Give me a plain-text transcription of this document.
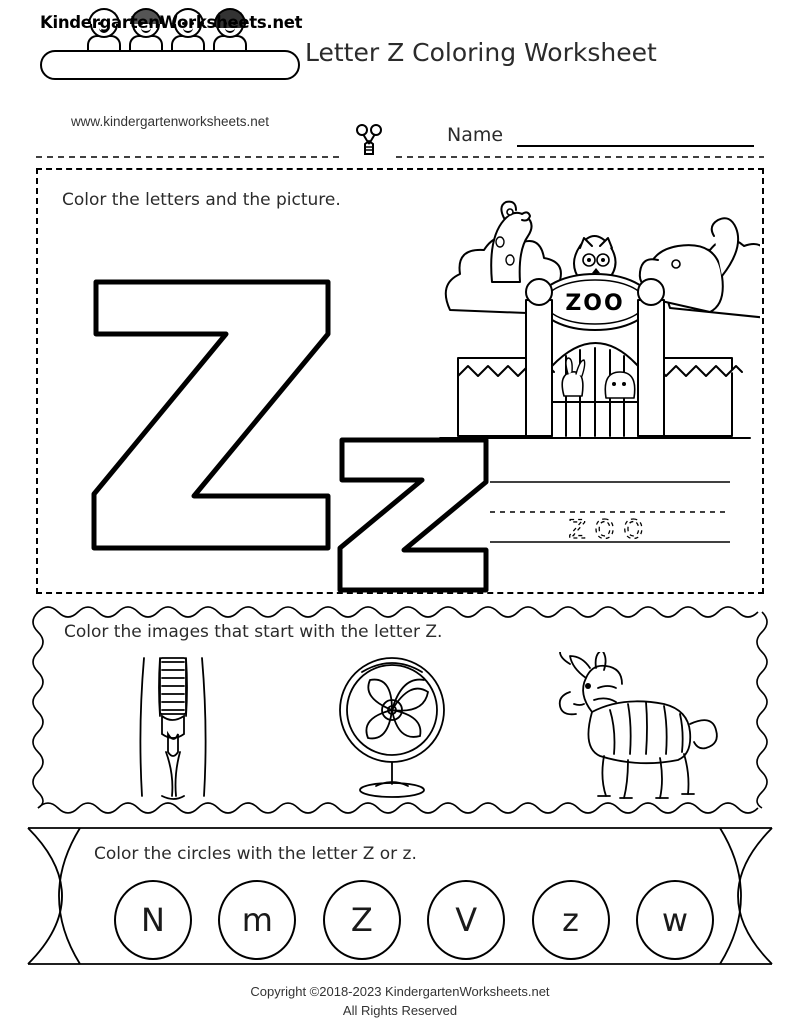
KindergartenWorksheets.net
www.kindergartenworksheets.net
Letter Z Coloring Worksheet
Name
Color the letters and the picture.
ZOO
zoo
Color the images that start with the letter Z.
Color the circles with the letter Z or z.
N	m	Z	V	z	w
Copyright ©2018-2023 KindergartenWorksheets.net
All Rights Reserved
